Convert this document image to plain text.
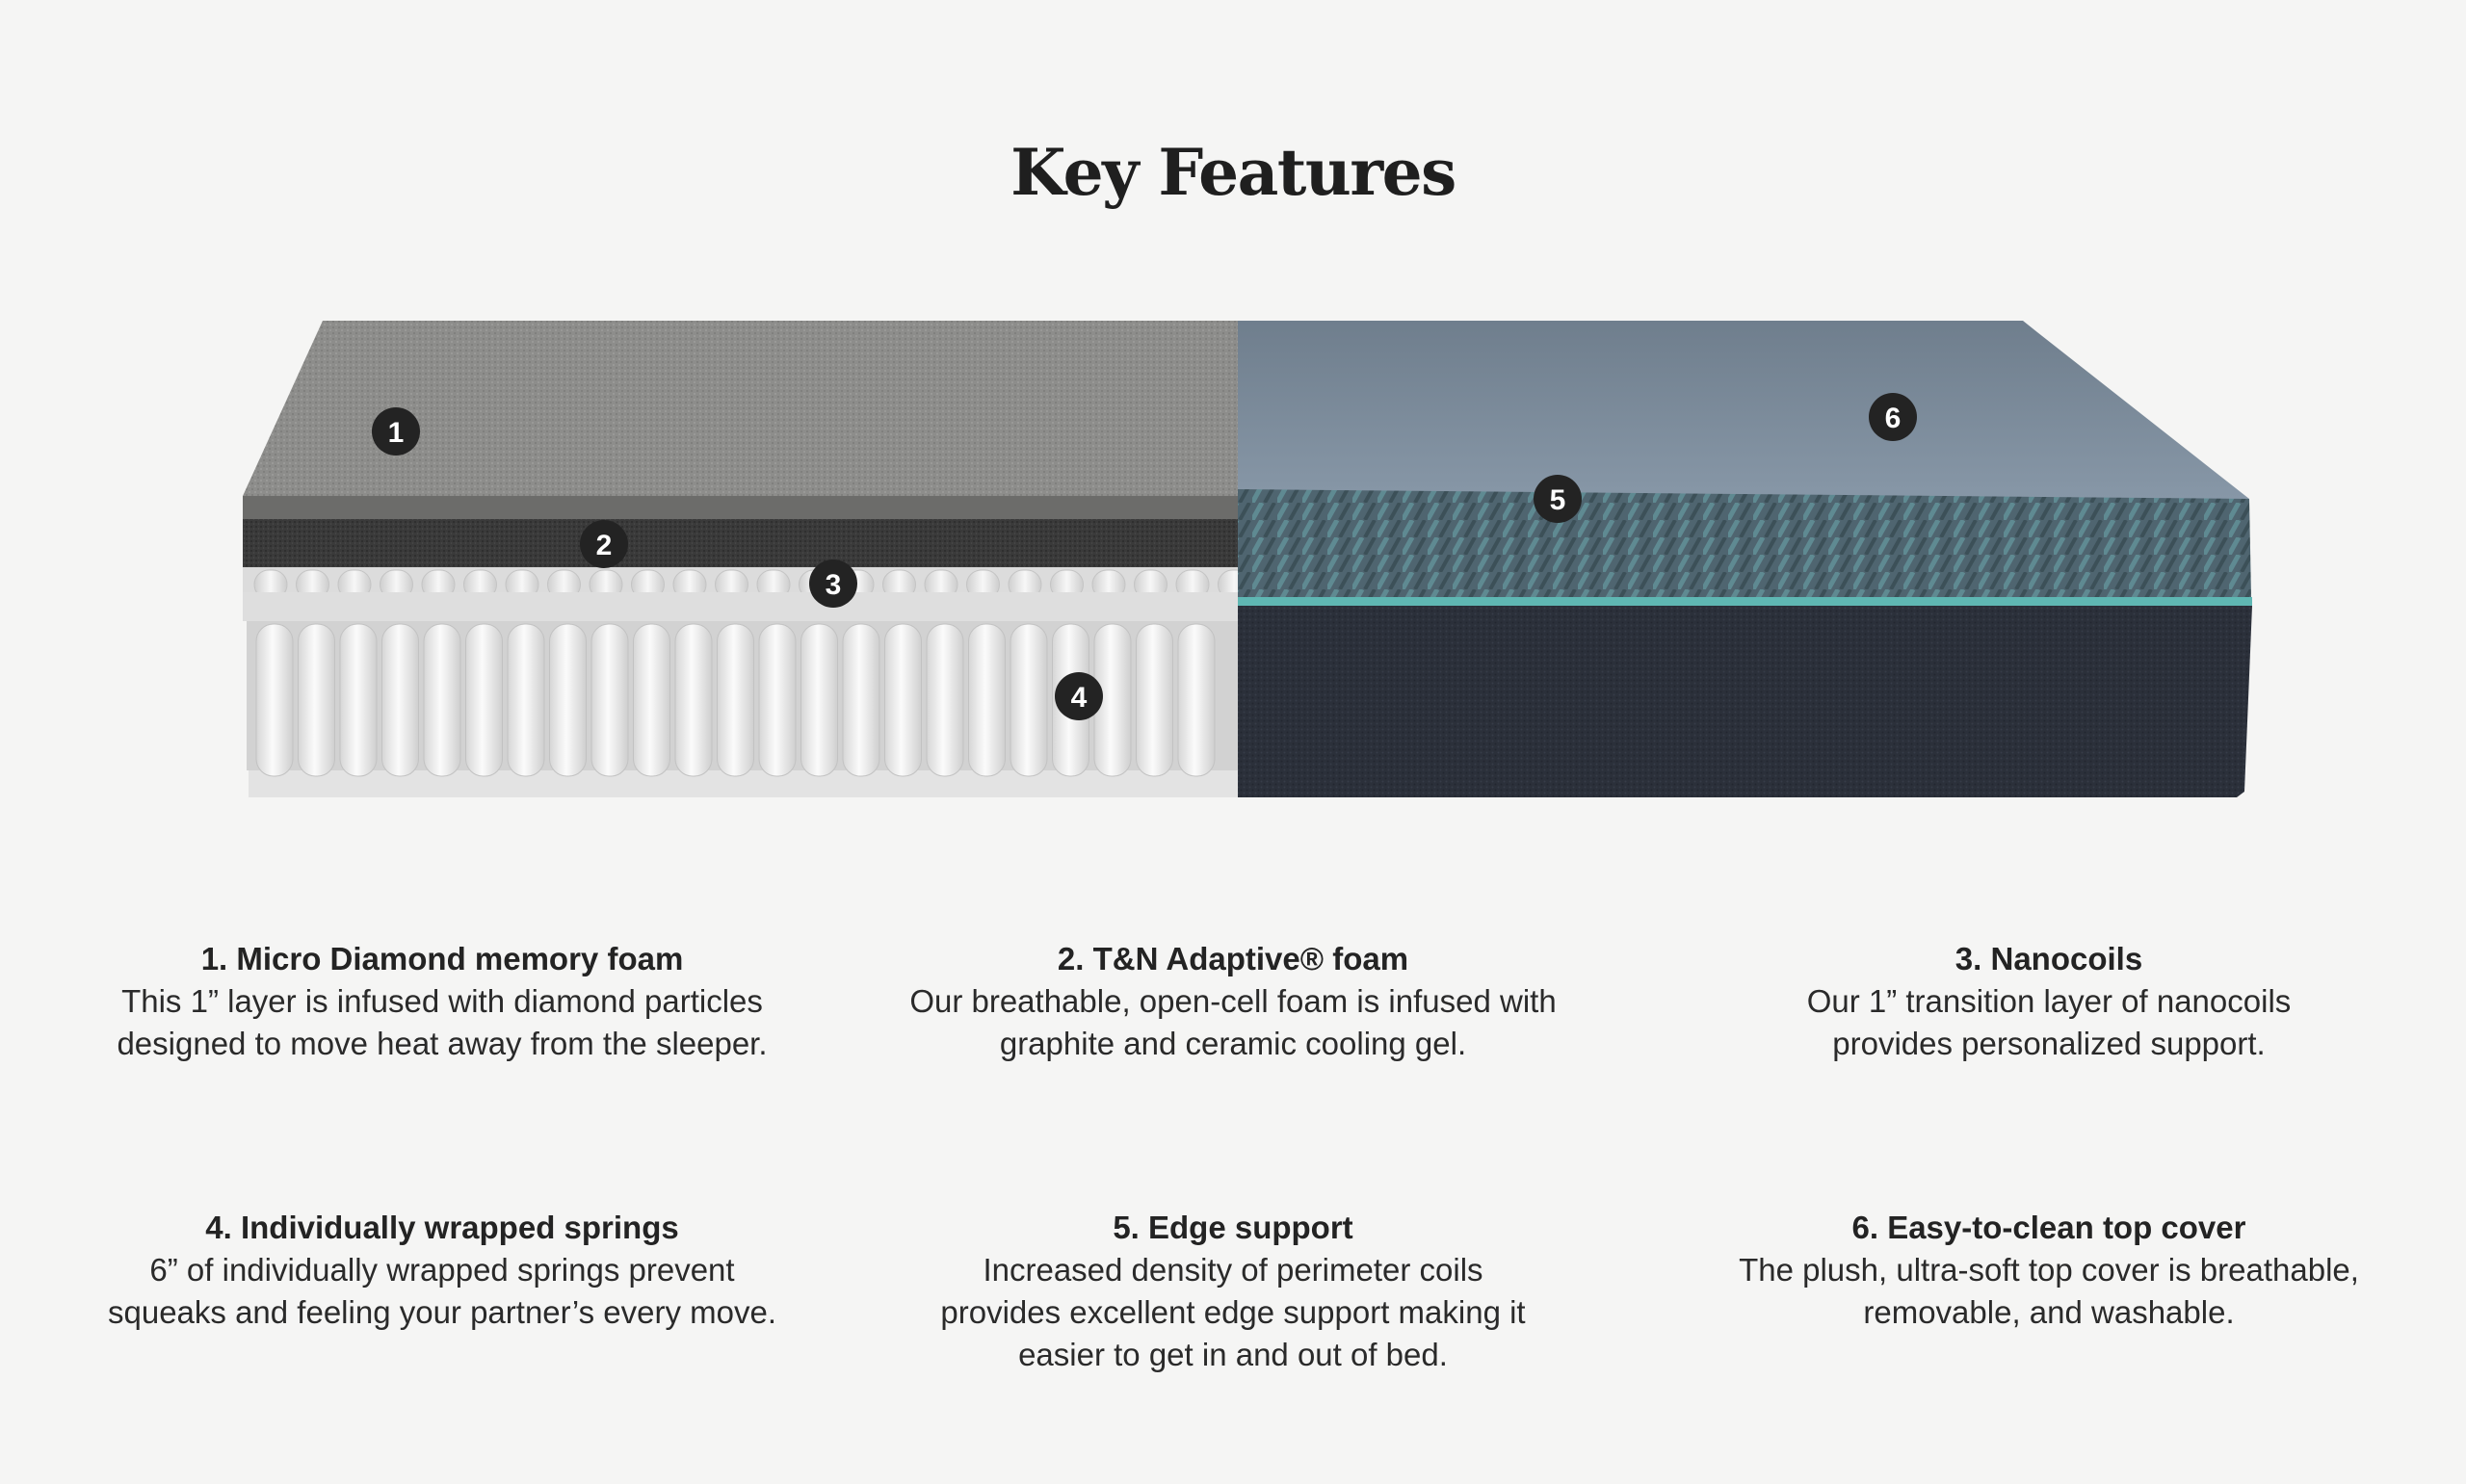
Key Features
1
2
3
4
5
6
1. Micro Diamond memory foam
This 1” layer is infused with diamond particles
designed to move heat away from the sleeper.
2. T&N Adaptive® foam
Our breathable, open-cell foam is infused with
graphite and ceramic cooling gel.
3. Nanocoils
Our 1” transition layer of nanocoils
provides personalized support.
4. Individually wrapped springs
6” of individually wrapped springs prevent
squeaks and feeling your partner’s every move.
5. Edge support
Increased density of perimeter coils
provides excellent edge support making it
easier to get in and out of bed.
6. Easy-to-clean top cover
The plush, ultra-soft top cover is breathable,
removable, and washable.
